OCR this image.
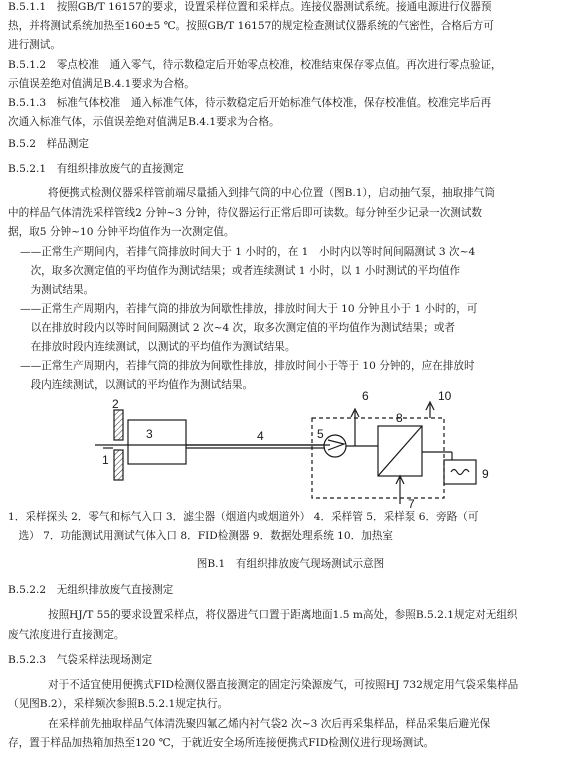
B.5.1.1　按照GB/T 16157的要求，设置采样位置和采样点。连接仪器测试系统。接通电源进行仪器预
热，并将测试系统加热至160±5 ℃。按照GB/T 16157的规定检查测试仪器系统的气密性，合格后方可
进行测试。
B.5.1.2　零点校准　通入零气，待示数稳定后开始零点校准，校准结束保存零点值。再次进行零点验证，
示值误差绝对值满足B.4.1要求为合格。
B.5.1.3　标准气体校准　通入标准气体，待示数稳定后开始标准气体校准，保存校准值。校准完毕后再
次通入标准气体，示值误差绝对值满足B.4.1要求为合格。
B.5.2　样品测定
B.5.2.1　有组织排放废气的直接测定
将便携式检测仪器采样管前端尽量插入到排气筒的中心位置（图B.1），启动抽气泵，抽取排气筒
中的样品气体清洗采样管线2 分钟~3 分钟，待仪器运行正常后即可读数。每分钟至少记录一次测试数
据，取5 分钟~10 分钟平均值作为一次测定值。
——正常生产期间内，若排气筒排放时间大于 1 小时的，在 1　小时内以等时间间隔测试 3 次~4
　次，取多次测定值的平均值作为测试结果；或者连续测试 1 小时，以 1 小时测试的平均值作
　为测试结果。
——正常生产周期内，若排气筒的排放为间歇性排放，排放时间大于 10 分钟且小于 1 小时的，可
　以在排放时段内以等时间间隔测试 2 次~4 次，取多次测定值的平均值作为测试结果；或者
　在排放时段内连续测试，以测试的平均值作为测试结果。
——正常生产周期内，若排气筒的排放为间歇性排放，排放时间小于等于 10 分钟的，应在排放时
　段内连续测试，以测试的平均值作为测试结果。
1
2
3	4	5
6
7
8
9
10
1．采样探头 2．零气和标气入口 3．滤尘器（烟道内或烟道外） 4．采样管 5．采样泵 6．旁路（可
　选） 7．功能测试用测试气体入口 8．FID检测器 9．数据处理系统 10．加热室
图B.1　有组织排放废气现场测试示意图
B.5.2.2　无组织排放废气直接测定
按照HJ/T 55的要求设置采样点，将仪器进气口置于距离地面1.5 m高处，参照B.5.2.1规定对无组织
废气浓度进行直接测定。
B.5.2.3　气袋采样法现场测定
对于不适宜使用便携式FID检测仪器直接测定的固定污染源废气，可按照HJ 732规定用气袋采集样品
（见图B.2），采样频次参照B.5.2.1规定执行。
在采样前先抽取样品气体清洗聚四氟乙烯内衬气袋2 次~3 次后再采集样品，样品采集后避光保
存，置于样品加热箱加热至120 ℃，于就近安全场所连接便携式FID检测仪进行现场测试。
